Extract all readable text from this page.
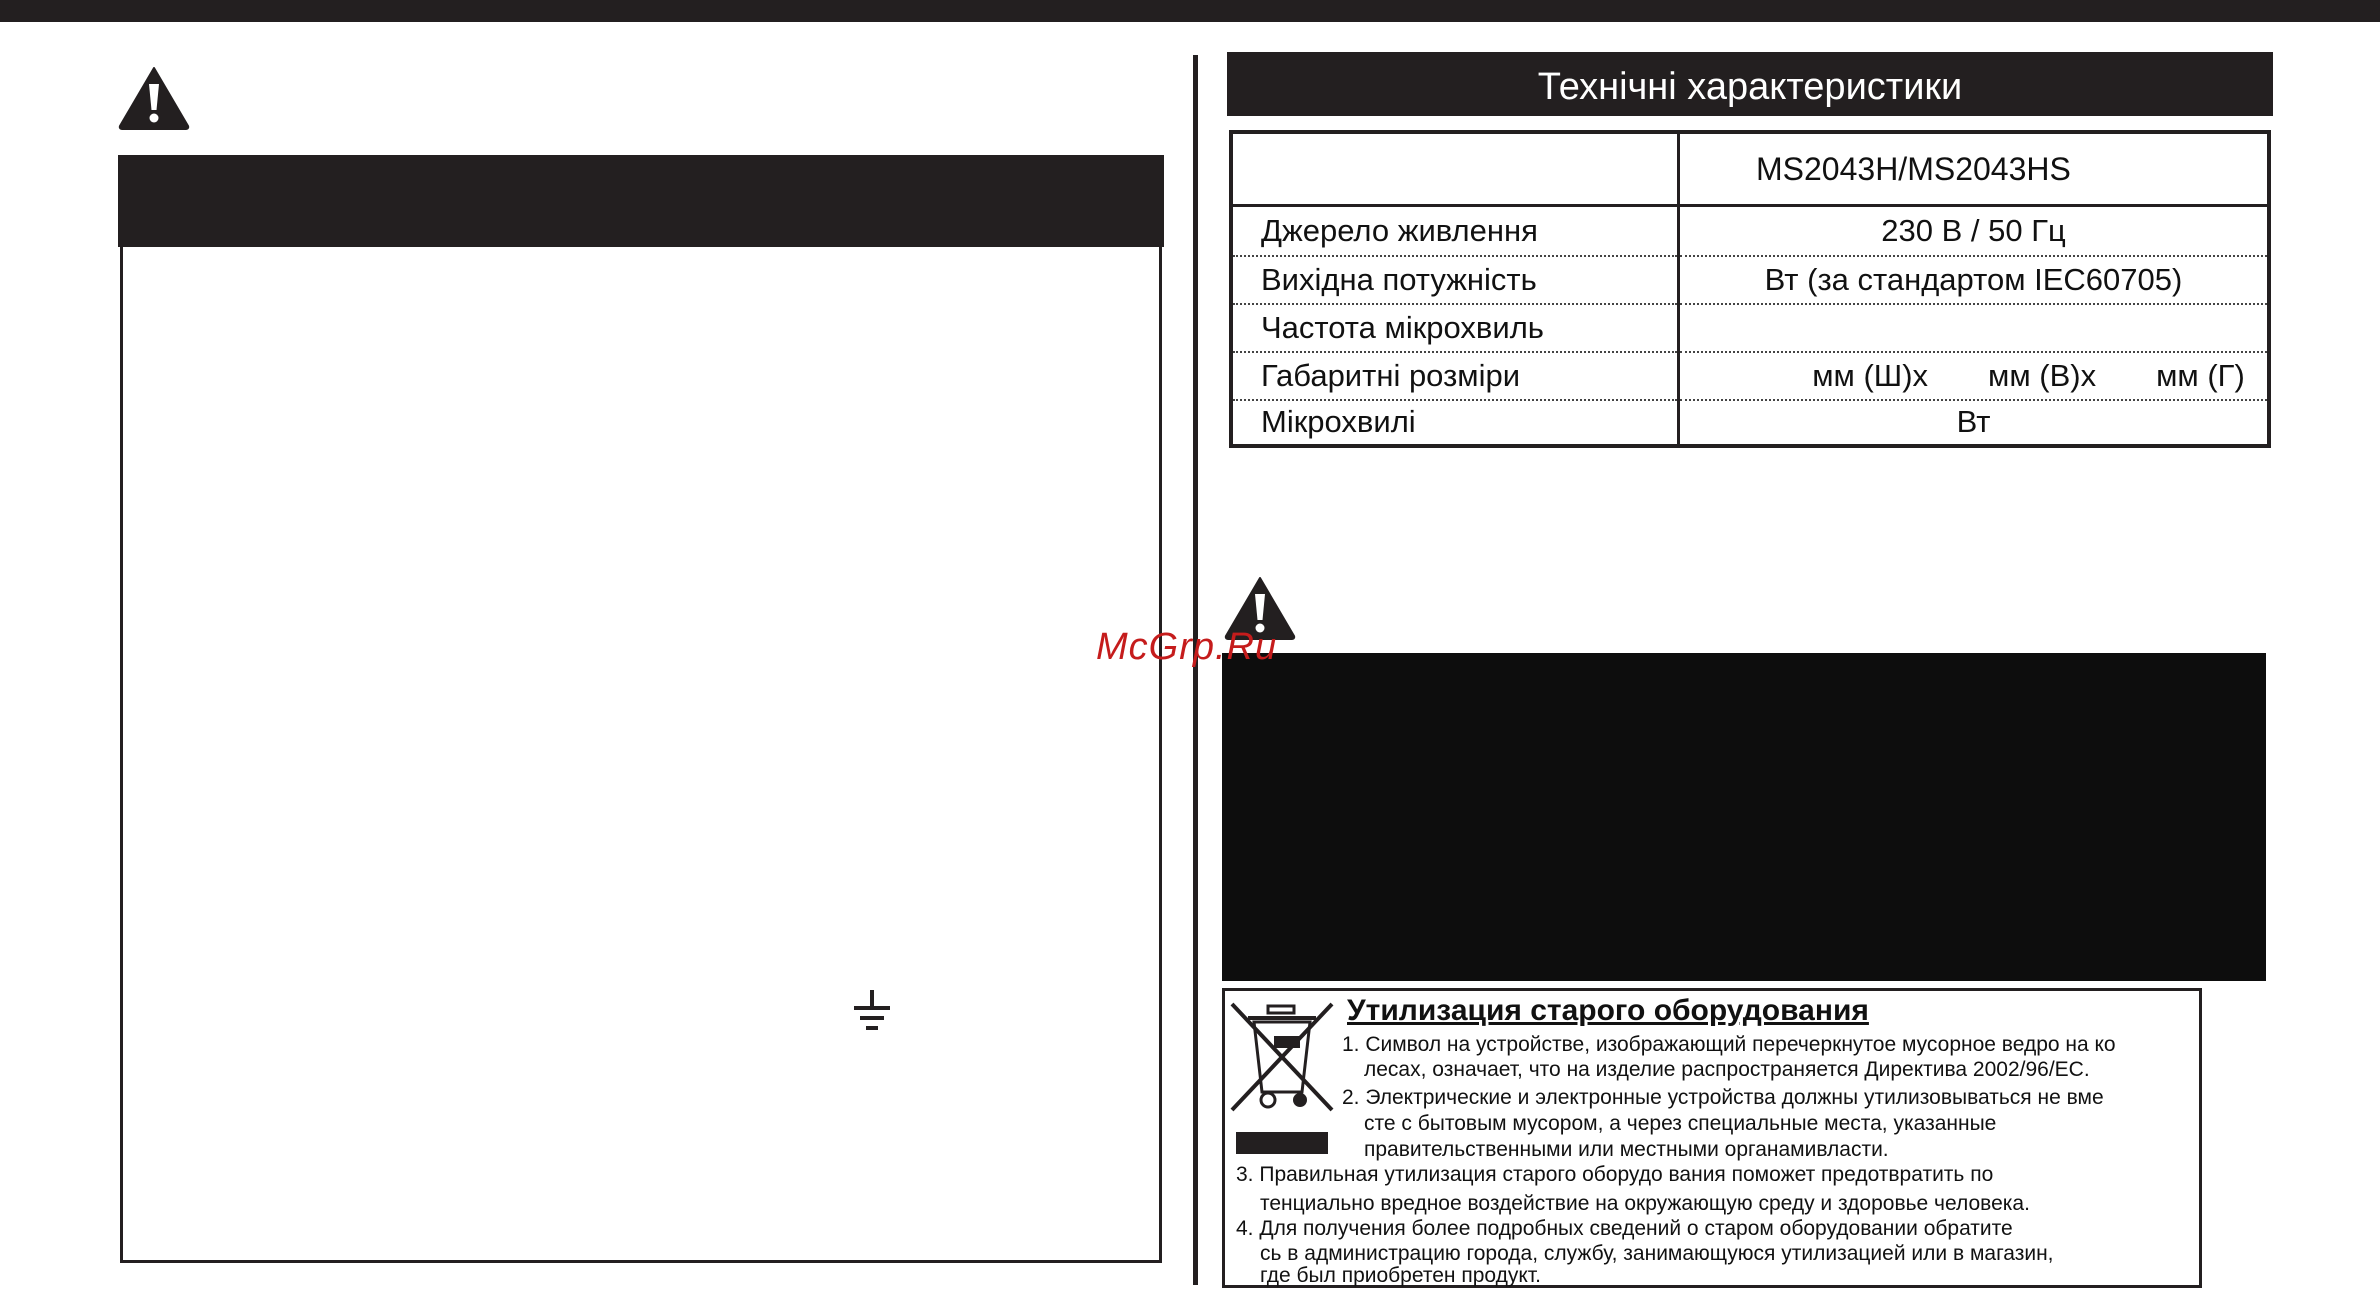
Технічні характеристики
	MS2043H/MS2043HS
Джерело живлення	230 В / 50 Гц
Вихідна потужність	Вт (за стандартом IEC60705)
Частота мікрохвиль	
Габаритні розміри	мм (Ш)х мм (В)х мм (Г)

Мікрохвилі	Вт
McGrp.Ru
Утилизация старого оборудования
1. Символ на устройстве, изображающий перечеркнутое мусорное ведро на ко
лесах, означает, что на изделие распространяется Директива 2002/96/ЕС.
2. Электрические и электронные устройства должны утилизовываться не вме
сте с бытовым мусором, а через специальные места, указанные
правительственными или местными органамивласти.
3. Правильная утилизация старого оборудо вания поможет предотвратить по
тенциально вредное воздействие на окружающую среду и здоровье человека.
4. Для получения более подробных сведений о старом оборудовании обратите
сь в администрацию города, службу, занимающуюся утилизацией или в магазин,
где был приобретен продукт.
